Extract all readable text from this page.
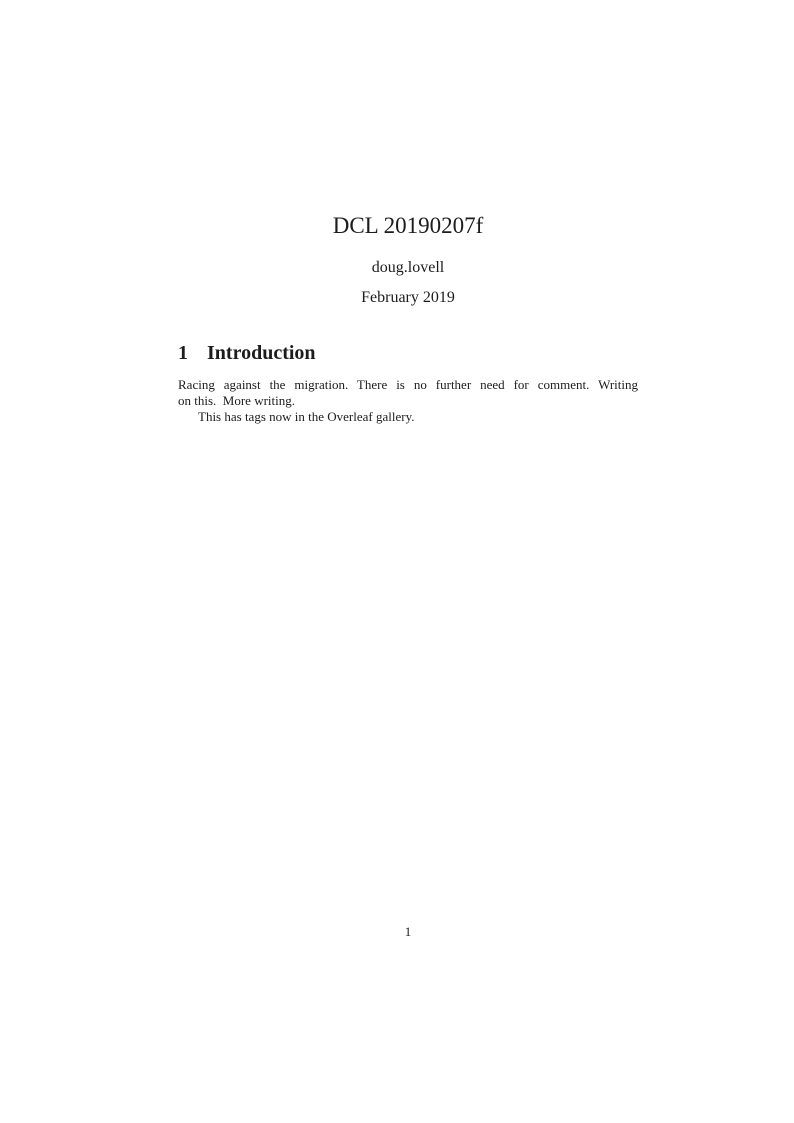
DCL 20190207f
doug.lovell
February 2019
1 Introduction
Racing against the migration. There is no further need for comment. Writing
on this.  More writing.
This has tags now in the Overleaf gallery.
1
